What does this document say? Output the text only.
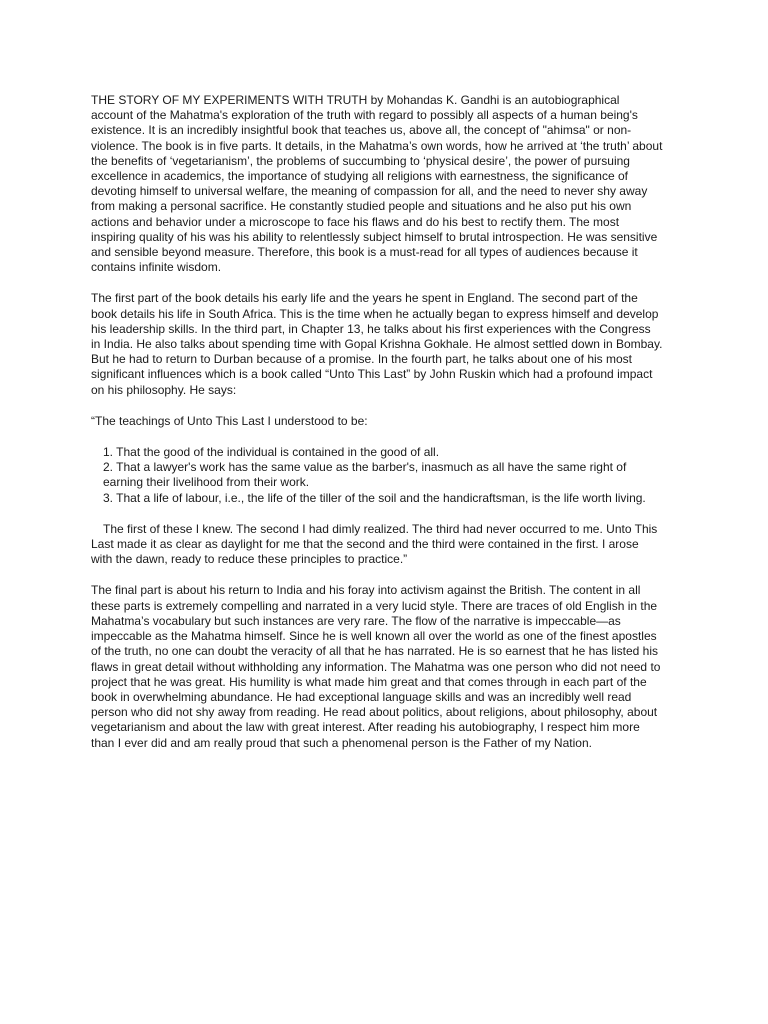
THE STORY OF MY EXPERIMENTS WITH TRUTH by Mohandas K. Gandhi is an autobiographical account of the Mahatma's exploration of the truth with regard to possibly all aspects of a human being's existence. It is an incredibly insightful book that teaches us, above all, the concept of "ahimsa" or non-violence. The book is in five parts. It details, in the Mahatma’s own words, how he arrived at ‘the truth’ about the benefits of ‘vegetarianism’, the problems of succumbing to ‘physical desire’, the power of pursuing excellence in academics, the importance of studying all religions with earnestness, the significance of devoting himself to universal welfare, the meaning of compassion for all, and the need to never shy away from making a personal sacrifice. He constantly studied people and situations and he also put his own actions and behavior under a microscope to face his flaws and do his best to rectify them. The most inspiring quality of his was his ability to relentlessly subject himself to brutal introspection. He was sensitive and sensible beyond measure. Therefore, this book is a must-read for all types of audiences because it contains infinite wisdom.

The first part of the book details his early life and the years he spent in England. The second part of the book details his life in South Africa. This is the time when he actually began to express himself and develop his leadership skills. In the third part, in Chapter 13, he talks about his first experiences with the Congress in India. He also talks about spending time with Gopal Krishna Gokhale. He almost settled down in Bombay. But he had to return to Durban because of a promise. In the fourth part, he talks about one of his most significant influences which is a book called “Unto This Last” by John Ruskin which had a profound impact on his philosophy. He says:

“The teachings of Unto This Last I understood to be:

1. That the good of the individual is contained in the good of all.
2. That a lawyer's work has the same value as the barber's, inasmuch as all have the same right of earning their livelihood from their work.
3. That a life of labour, i.e., the life of the tiller of the soil and the handicraftsman, is the life worth living.

The first of these I knew. The second I had dimly realized. The third had never occurred to me. Unto This Last made it as clear as daylight for me that the second and the third were contained in the first. I arose with the dawn, ready to reduce these principles to practice.”

The final part is about his return to India and his foray into activism against the British. The content in all these parts is extremely compelling and narrated in a very lucid style. There are traces of old English in the Mahatma’s vocabulary but such instances are very rare. The flow of the narrative is impeccable—as impeccable as the Mahatma himself. Since he is well known all over the world as one of the finest apostles of the truth, no one can doubt the veracity of all that he has narrated. He is so earnest that he has listed his flaws in great detail without withholding any information. The Mahatma was one person who did not need to project that he was great. His humility is what made him great and that comes through in each part of the book in overwhelming abundance. He had exceptional language skills and was an incredibly well read person who did not shy away from reading. He read about politics, about religions, about philosophy, about vegetarianism and about the law with great interest. After reading his autobiography, I respect him more than I ever did and am really proud that such a phenomenal person is the Father of my Nation.
